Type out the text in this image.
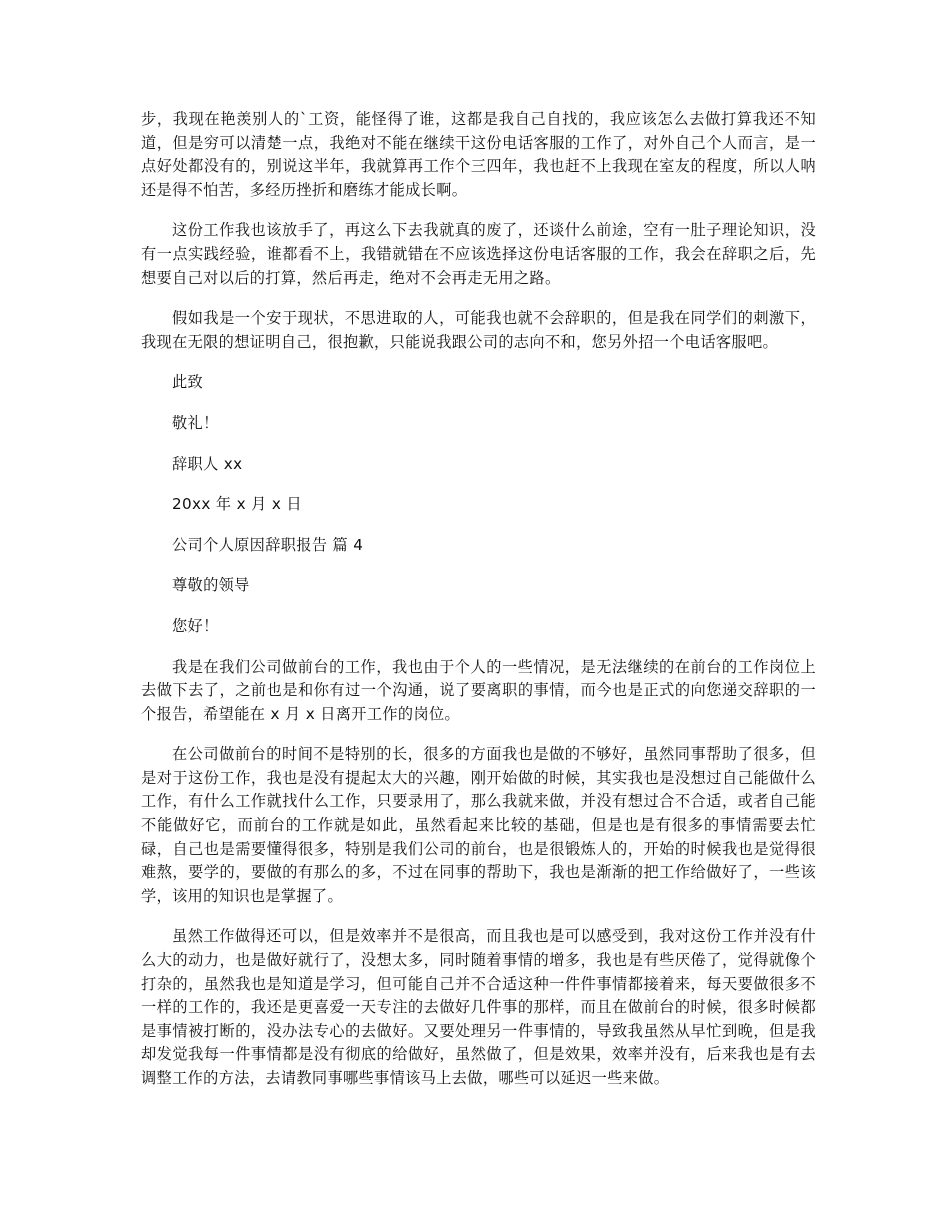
步，我现在艳羡别人的`工资，能怪得了谁，这都是我自己自找的，我应该怎么去做打算我还不知道，但是穷可以清楚一点，我绝对不能在继续干这份电话客服的工作了，对外自己个人而言，是一点好处都没有的，别说这半年，我就算再工作个三四年，我也赶不上我现在室友的程度，所以人呐还是得不怕苦，多经历挫折和磨练才能成长啊。

这份工作我也该放手了，再这么下去我就真的废了，还谈什么前途，空有一肚子理论知识，没有一点实践经验，谁都看不上，我错就错在不应该选择这份电话客服的工作，我会在辞职之后，先想要自己对以后的打算，然后再走，绝对不会再走无用之路。

假如我是一个安于现状，不思进取的人，可能我也就不会辞职的，但是我在同学们的刺激下，我现在无限的想证明自己，很抱歉，只能说我跟公司的志向不和，您另外招一个电话客服吧。

此致

敬礼！

辞职人 xx

20xx 年 x 月 x 日

公司个人原因辞职报告 篇 4

尊敬的领导

您好！

我是在我们公司做前台的工作，我也由于个人的一些情况，是无法继续的在前台的工作岗位上去做下去了，之前也是和你有过一个沟通，说了要离职的事情，而今也是正式的向您递交辞职的一个报告，希望能在 x 月 x 日离开工作的岗位。

在公司做前台的时间不是特别的长，很多的方面我也是做的不够好，虽然同事帮助了很多，但是对于这份工作，我也是没有提起太大的兴趣，刚开始做的时候，其实我也是没想过自己能做什么工作，有什么工作就找什么工作，只要录用了，那么我就来做，并没有想过合不合适，或者自己能不能做好它，而前台的工作就是如此，虽然看起来比较的基础，但是也是有很多的事情需要去忙碌，自己也是需要懂得很多，特别是我们公司的前台，也是很锻炼人的，开始的时候我也是觉得很难熬，要学的，要做的有那么的多，不过在同事的帮助下，我也是渐渐的把工作给做好了，一些该学，该用的知识也是掌握了。

虽然工作做得还可以，但是效率并不是很高，而且我也是可以感受到，我对这份工作并没有什么大的动力，也是做好就行了，没想太多，同时随着事情的增多，我也是有些厌倦了，觉得就像个打杂的，虽然我也是知道是学习，但可能自己并不合适这种一件件事情都接着来，每天要做很多不一样的工作的，我还是更喜爱一天专注的去做好几件事的那样，而且在做前台的时候，很多时候都是事情被打断的，没办法专心的去做好。又要处理另一件事情的，导致我虽然从早忙到晚，但是我却发觉我每一件事情都是没有彻底的给做好，虽然做了，但是效果，效率并没有，后来我也是有去调整工作的方法，去请教同事哪些事情该马上去做，哪些可以延迟一些来做。
